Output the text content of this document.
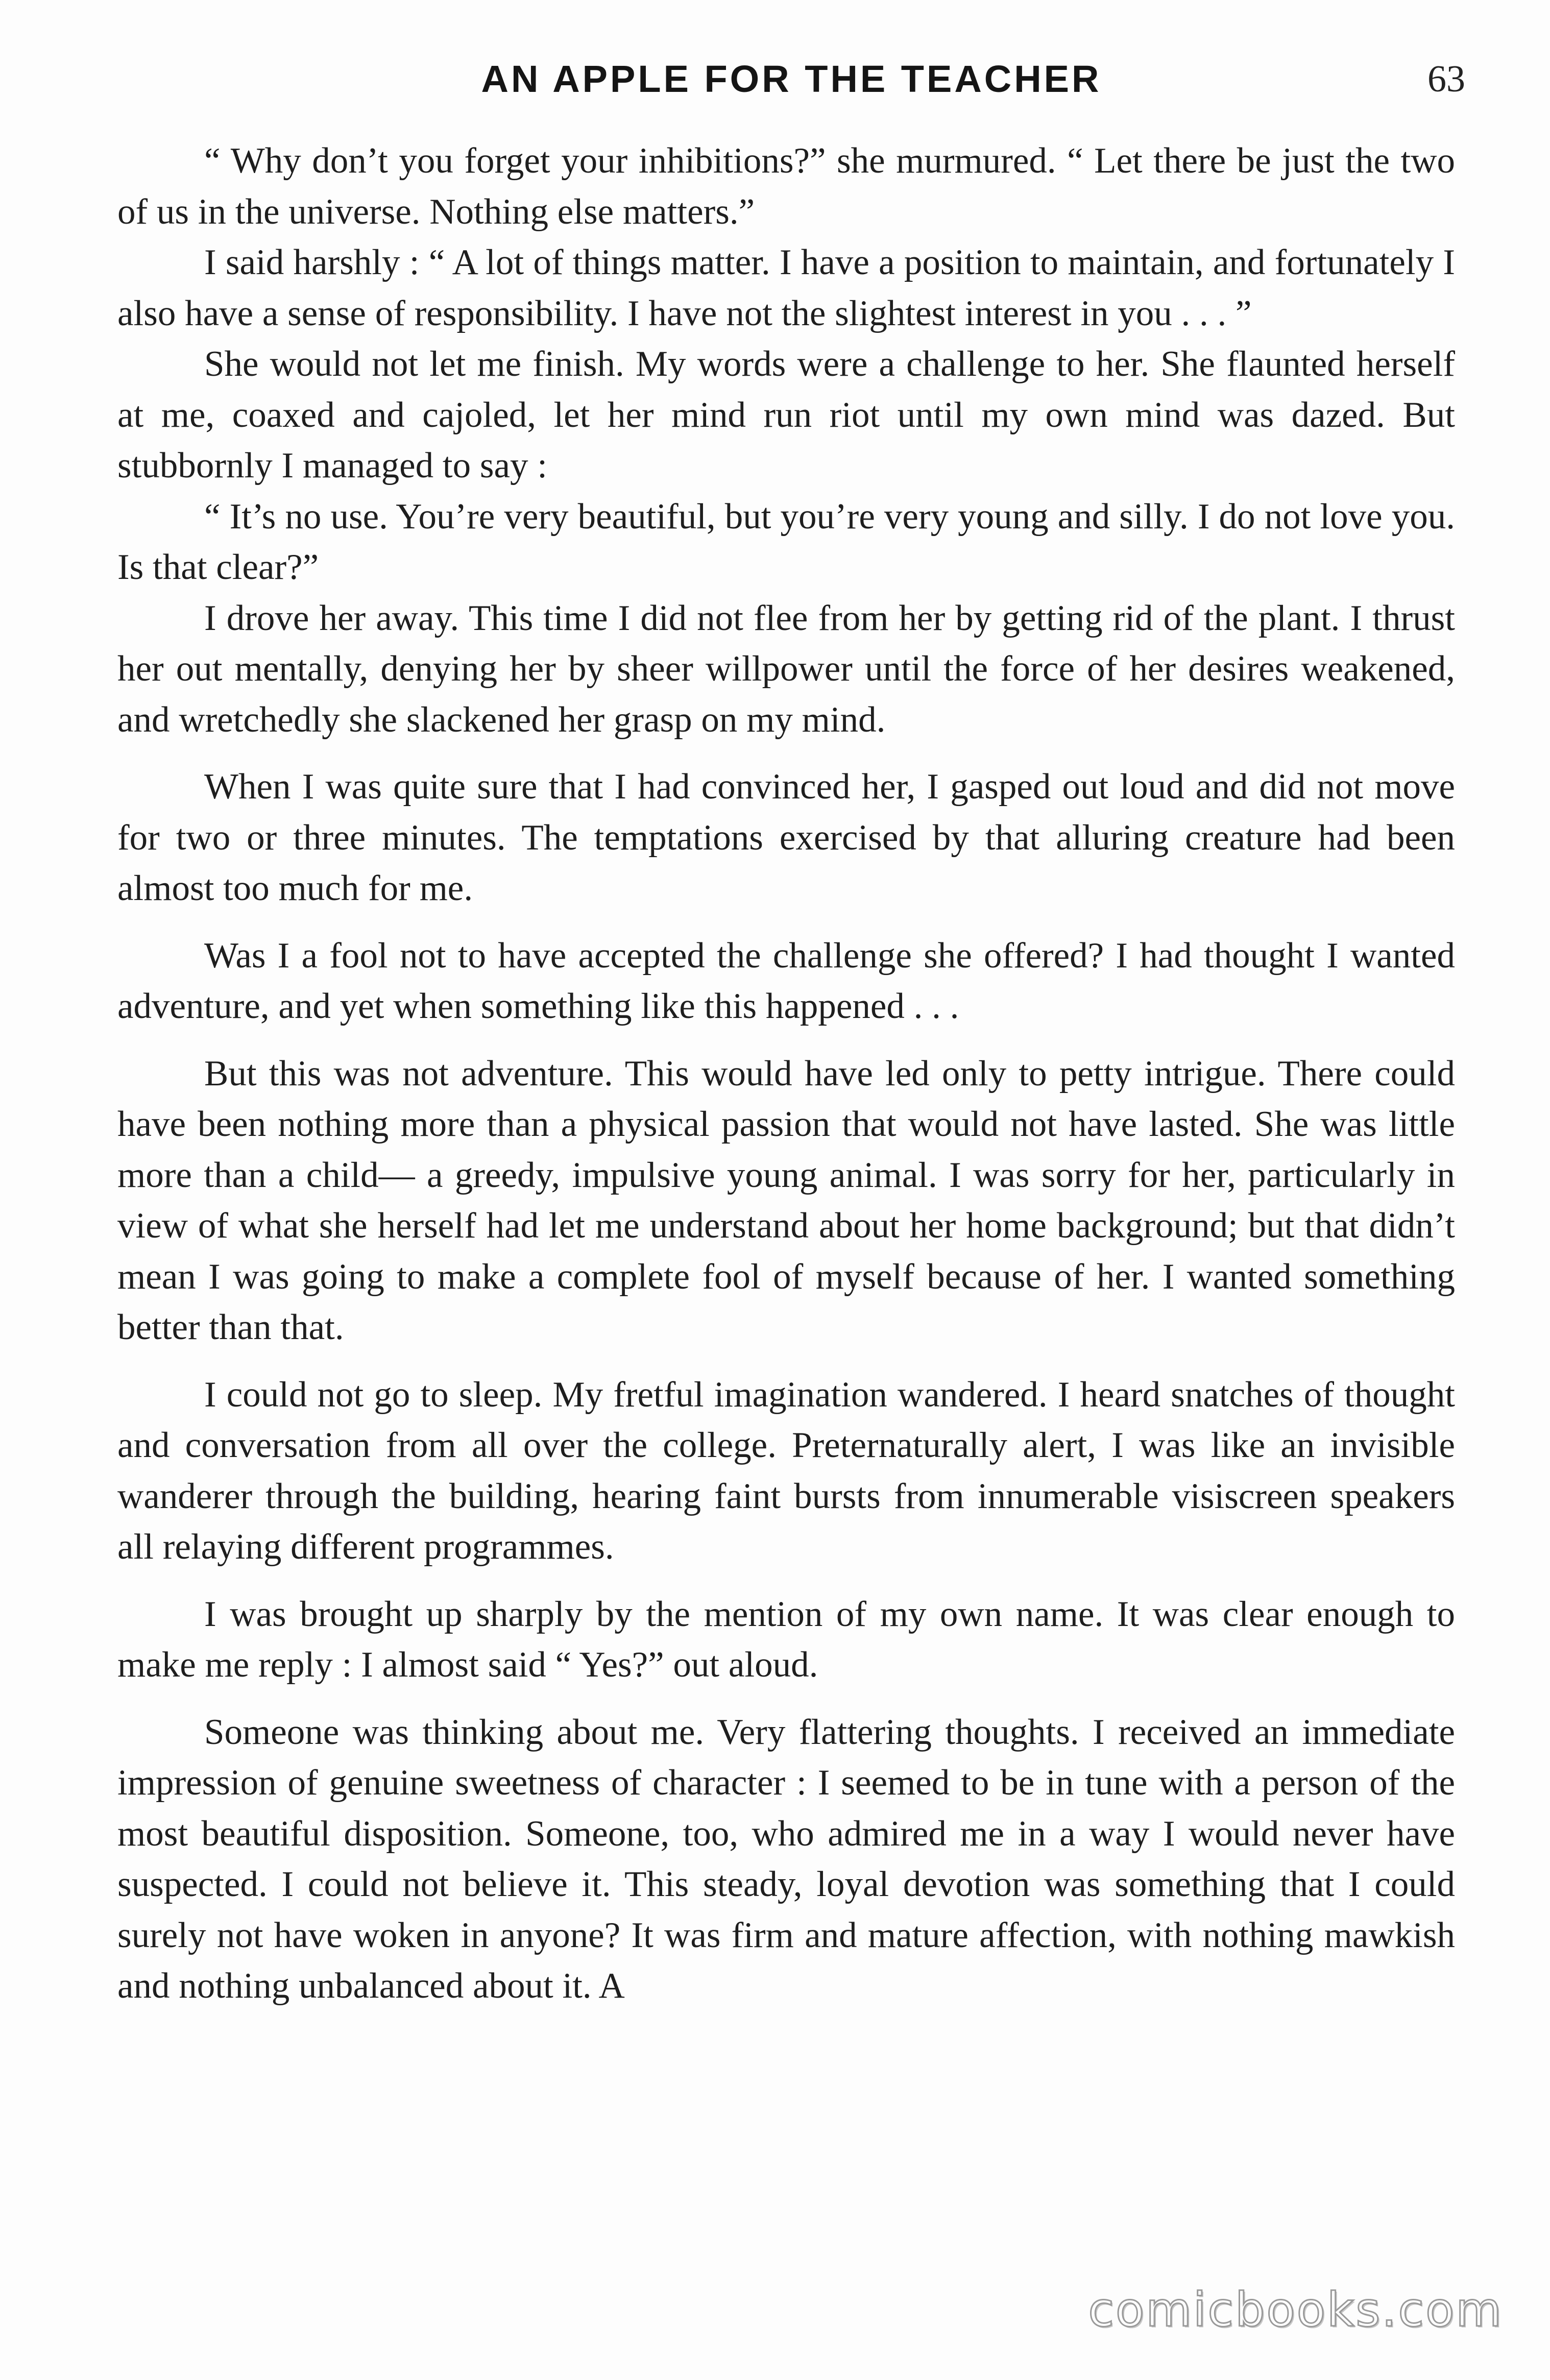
AN APPLE FOR THE TEACHER	63

“ Why don’t you forget your inhibitions?” she murmured. “ Let there be just the two of us in the universe. Nothing else matters.”

I said harshly : “ A lot of things matter. I have a position to maintain, and fortunately I also have a sense of responsibility. I have not the slightest interest in you . . . ”

She would not let me finish. My words were a challenge to her. She flaunted herself at me, coaxed and cajoled, let her mind run riot until my own mind was dazed. But stubbornly I managed to say :

“ It’s no use. You’re very beautiful, but you’re very young and silly. I do not love you. Is that clear?”

I drove her away. This time I did not flee from her by getting rid of the plant. I thrust her out mentally, denying her by sheer willpower until the force of her desires weakened, and wretchedly she slackened her grasp on my mind.

When I was quite sure that I had convinced her, I gasped out loud and did not move for two or three minutes. The temptations exercised by that alluring creature had been almost too much for me.

Was I a fool not to have accepted the challenge she offered? I had thought I wanted adventure, and yet when something like this happened . . .

But this was not adventure. This would have led only to petty intrigue. There could have been nothing more than a physical passion that would not have lasted. She was little more than a child— a greedy, impulsive young animal. I was sorry for her, particularly in view of what she herself had let me understand about her home background; but that didn’t mean I was going to make a complete fool of myself because of her. I wanted something better than that.

I could not go to sleep. My fretful imagination wandered. I heard snatches of thought and conversation from all over the college. Preternaturally alert, I was like an invisible wanderer through the building, hearing faint bursts from innumerable visiscreen speakers all relaying different programmes.

I was brought up sharply by the mention of my own name. It was clear enough to make me reply : I almost said “ Yes?” out aloud.

Someone was thinking about me. Very flattering thoughts. I received an immediate impression of genuine sweetness of character : I seemed to be in tune with a person of the most beautiful disposition. Someone, too, who admired me in a way I would never have suspected. I could not believe it. This steady, loyal devotion was something that I could surely not have woken in anyone? It was firm and mature affection, with nothing mawkish and nothing unbalanced about it. A

comicbooks.com
